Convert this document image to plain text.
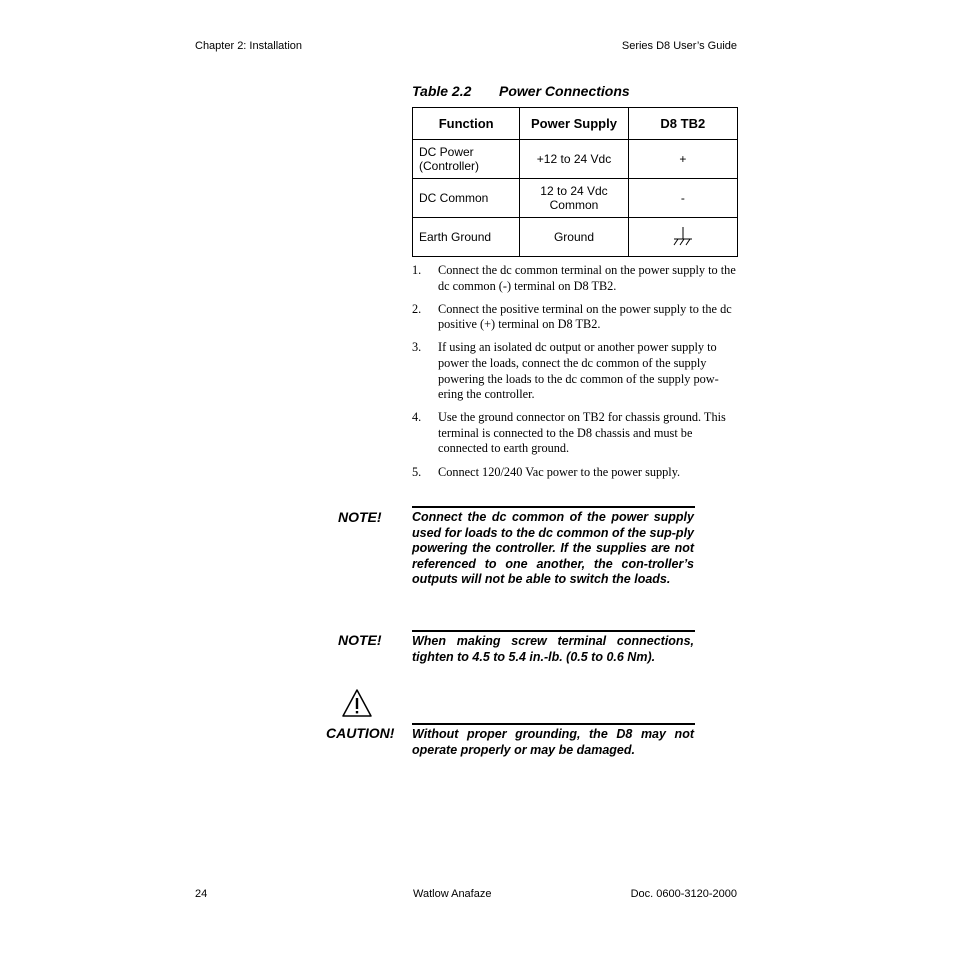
Chapter 2: Installation	Series D8 User’s Guide
Table 2.2 Power Connections
Function	Power Supply	D8 TB2
DC Power (Controller)	+12 to 24 Vdc	+
DC Common	12 to 24 Vdc Common	-
Earth Ground	Ground	
1.	Connect the dc common terminal on the power supply to the dc common (-) terminal on D8 TB2.
2.	Connect the positive terminal on the power supply to the dc positive (+) terminal on D8 TB2.
3.	If using an isolated dc output or another power supply to power the loads, connect the dc common of the supply powering the loads to the dc common of the supply pow-ering the controller.
4.	Use the ground connector on TB2 for chassis ground. This terminal is connected to the D8 chassis and must be connected to earth ground.
5.	Connect 120/240 Vac power to the power supply.
NOTE! Connect the dc common of the power supply used for loads to the dc common of the sup-ply powering the controller. If the supplies are not referenced to one another, the con-troller’s outputs will not be able to switch the loads.
NOTE! When making screw terminal connections, tighten to 4.5 to 5.4 in.-lb. (0.5 to 0.6 Nm).
CAUTION! Without proper grounding, the D8 may not operate properly or may be damaged.
24	Watlow Anafaze	Doc. 0600-3120-2000
